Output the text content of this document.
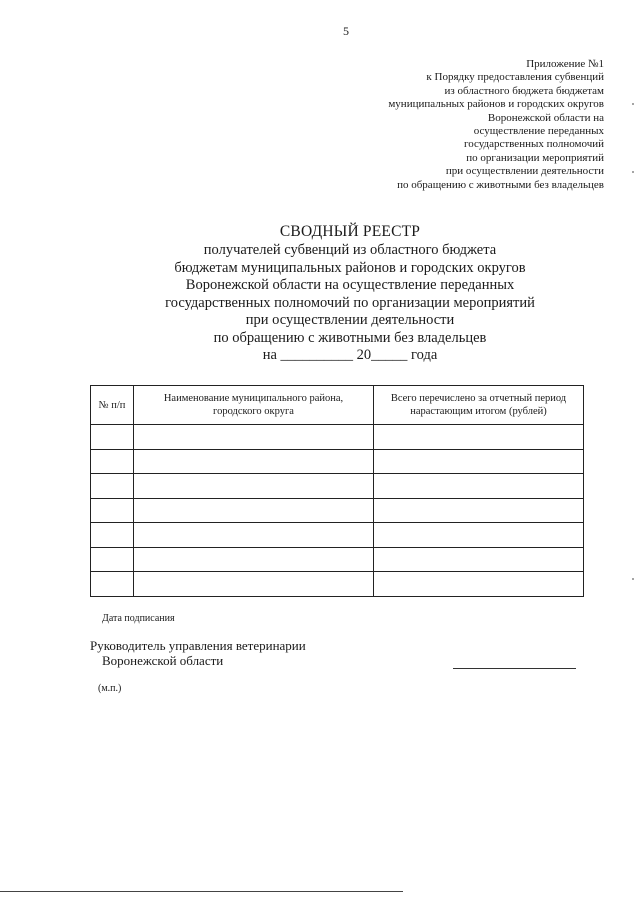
5
Приложение №1
к Порядку предоставления субвенций
из областного бюджета бюджетам
муниципальных районов и городских округов
Воронежской области на
осуществление переданных
государственных полномочий
по организации мероприятий
при осуществлении деятельности
по обращению с животными без владельцев
СВОДНЫЙ РЕЕСТР
получателей субвенций из областного бюджета
бюджетам муниципальных районов и городских округов
Воронежской области на осуществление переданных
государственных полномочий по организации мероприятий
при осуществлении деятельности
по обращению с животными без владельцев
на __________ 20_____ года
№ п/п	Наименование муниципального района, городского округа	Всего перечислено за отчетный период нарастающим итогом (рублей)

Дата подписания
Руководитель управления ветеринарии
Воронежской области
(м.п.)
